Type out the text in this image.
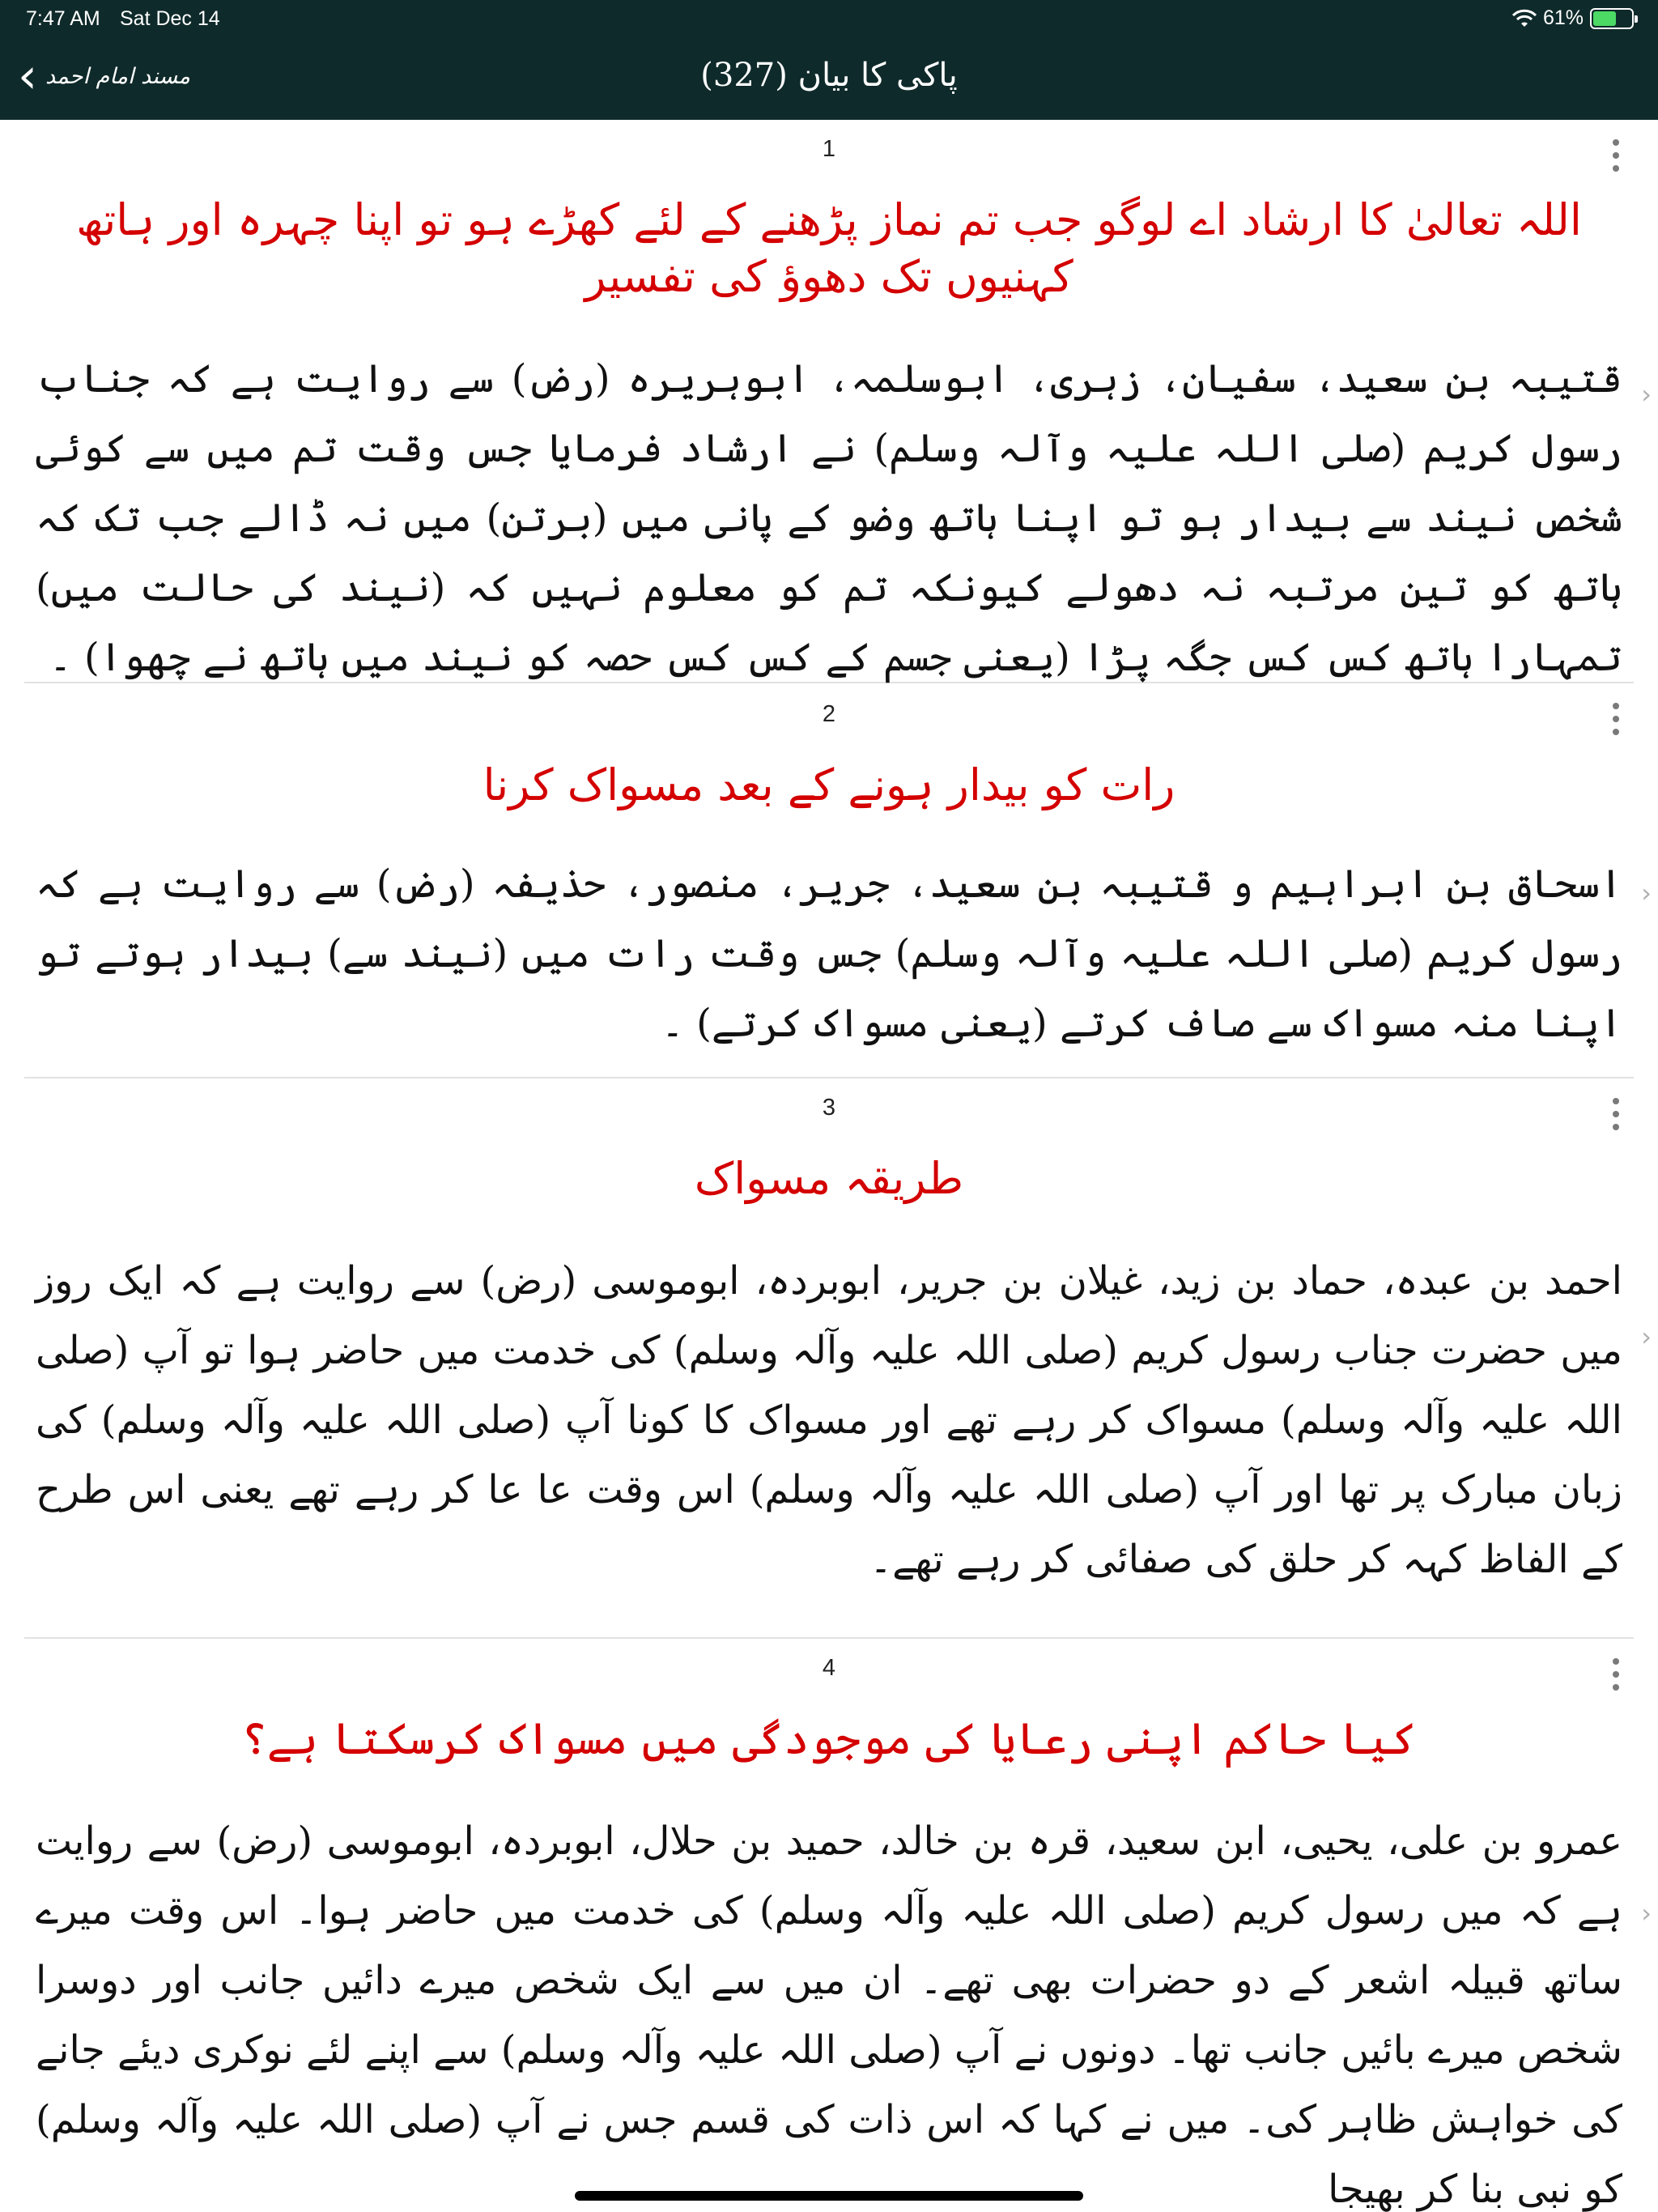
7:47 AM Sat Dec 14	61%
‹ مسند امام احمد	پاکی کا بیان (327)
1
اللہ تعالیٰ کا ارشاد اے لوگو جب تم نماز پڑھنے کے لئے کھڑے ہو تو اپنا چہرہ اور ہاتھ کہنیوں تک دھوؤ کی تفسیر
قتیبہ بن سعید، سفیان، زہری، ابوسلمہ، ابوہریرہ (رض) سے روایت ہے کہ جناب رسول کریم (صلی اللہ علیہ وآلہ وسلم) نے ارشاد فرمایا جس وقت تم میں سے کوئی شخص نیند سے بیدار ہو تو اپنا ہاتھ وضو کے پانی میں (برتن) میں نہ ڈالے جب تک کہ ہاتھ کو تین مرتبہ نہ دھولے کیونکہ تم کو معلوم نہیں کہ (نیند کی حالت میں) تمہارا ہاتھ کس کس جگہ پڑا (یعنی جسم کے کس کس حصہ کو نیند میں ہاتھ نے چھوا) ۔
›
2
رات کو بیدار ہونے کے بعد مسواک کرنا
اسحاق بن ابراہیم و قتیبہ بن سعید، جریر، منصور، حذیفہ (رض) سے روایت ہے کہ رسول کریم (صلی اللہ علیہ وآلہ وسلم) جس وقت رات میں (نیند سے) بیدار ہوتے تو اپنا منہ مسواک سے صاف کرتے (یعنی مسواک کرتے) ۔
›
3
طریقہ مسواک
احمد بن عبدہ، حماد بن زید، غیلان بن جریر، ابوبردہ، ابوموسی (رض) سے روایت ہے کہ ایک روز میں حضرت جناب رسول کریم (صلی اللہ علیہ وآلہ وسلم) کی خدمت میں حاضر ہوا تو آپ (صلی اللہ علیہ وآلہ وسلم) مسواک کر رہے تھے اور مسواک کا کونا آپ (صلی اللہ علیہ وآلہ وسلم) کی زبان مبارک پر تھا اور آپ (صلی اللہ علیہ وآلہ وسلم) اس وقت عا عا کر رہے تھے یعنی اس طرح کے الفاظ کہہ کر حلق کی صفائی کر رہے تھے۔
›
4
کیا حاکم اپنی رعایا کی موجودگی میں مسواک کرسکتا ہے؟
عمرو بن علی، یحیی، ابن سعید، قرہ بن خالد، حمید بن حلال، ابوبردہ، ابوموسی (رض) سے روایت ہے کہ میں رسول کریم (صلی اللہ علیہ وآلہ وسلم) کی خدمت میں حاضر ہوا۔ اس وقت میرے ساتھ قبیلہ اشعر کے دو حضرات بھی تھے۔ ان میں سے ایک شخص میرے دائیں جانب اور دوسرا شخص میرے بائیں جانب تھا۔ دونوں نے آپ (صلی اللہ علیہ وآلہ وسلم) سے اپنے لئے نوکری دیئے جانے کی خواہش ظاہر کی۔ میں نے کہا کہ اس ذات کی قسم جس نے آپ (صلی اللہ علیہ وآلہ وسلم) کو نبی بنا کر بھیجا
›
